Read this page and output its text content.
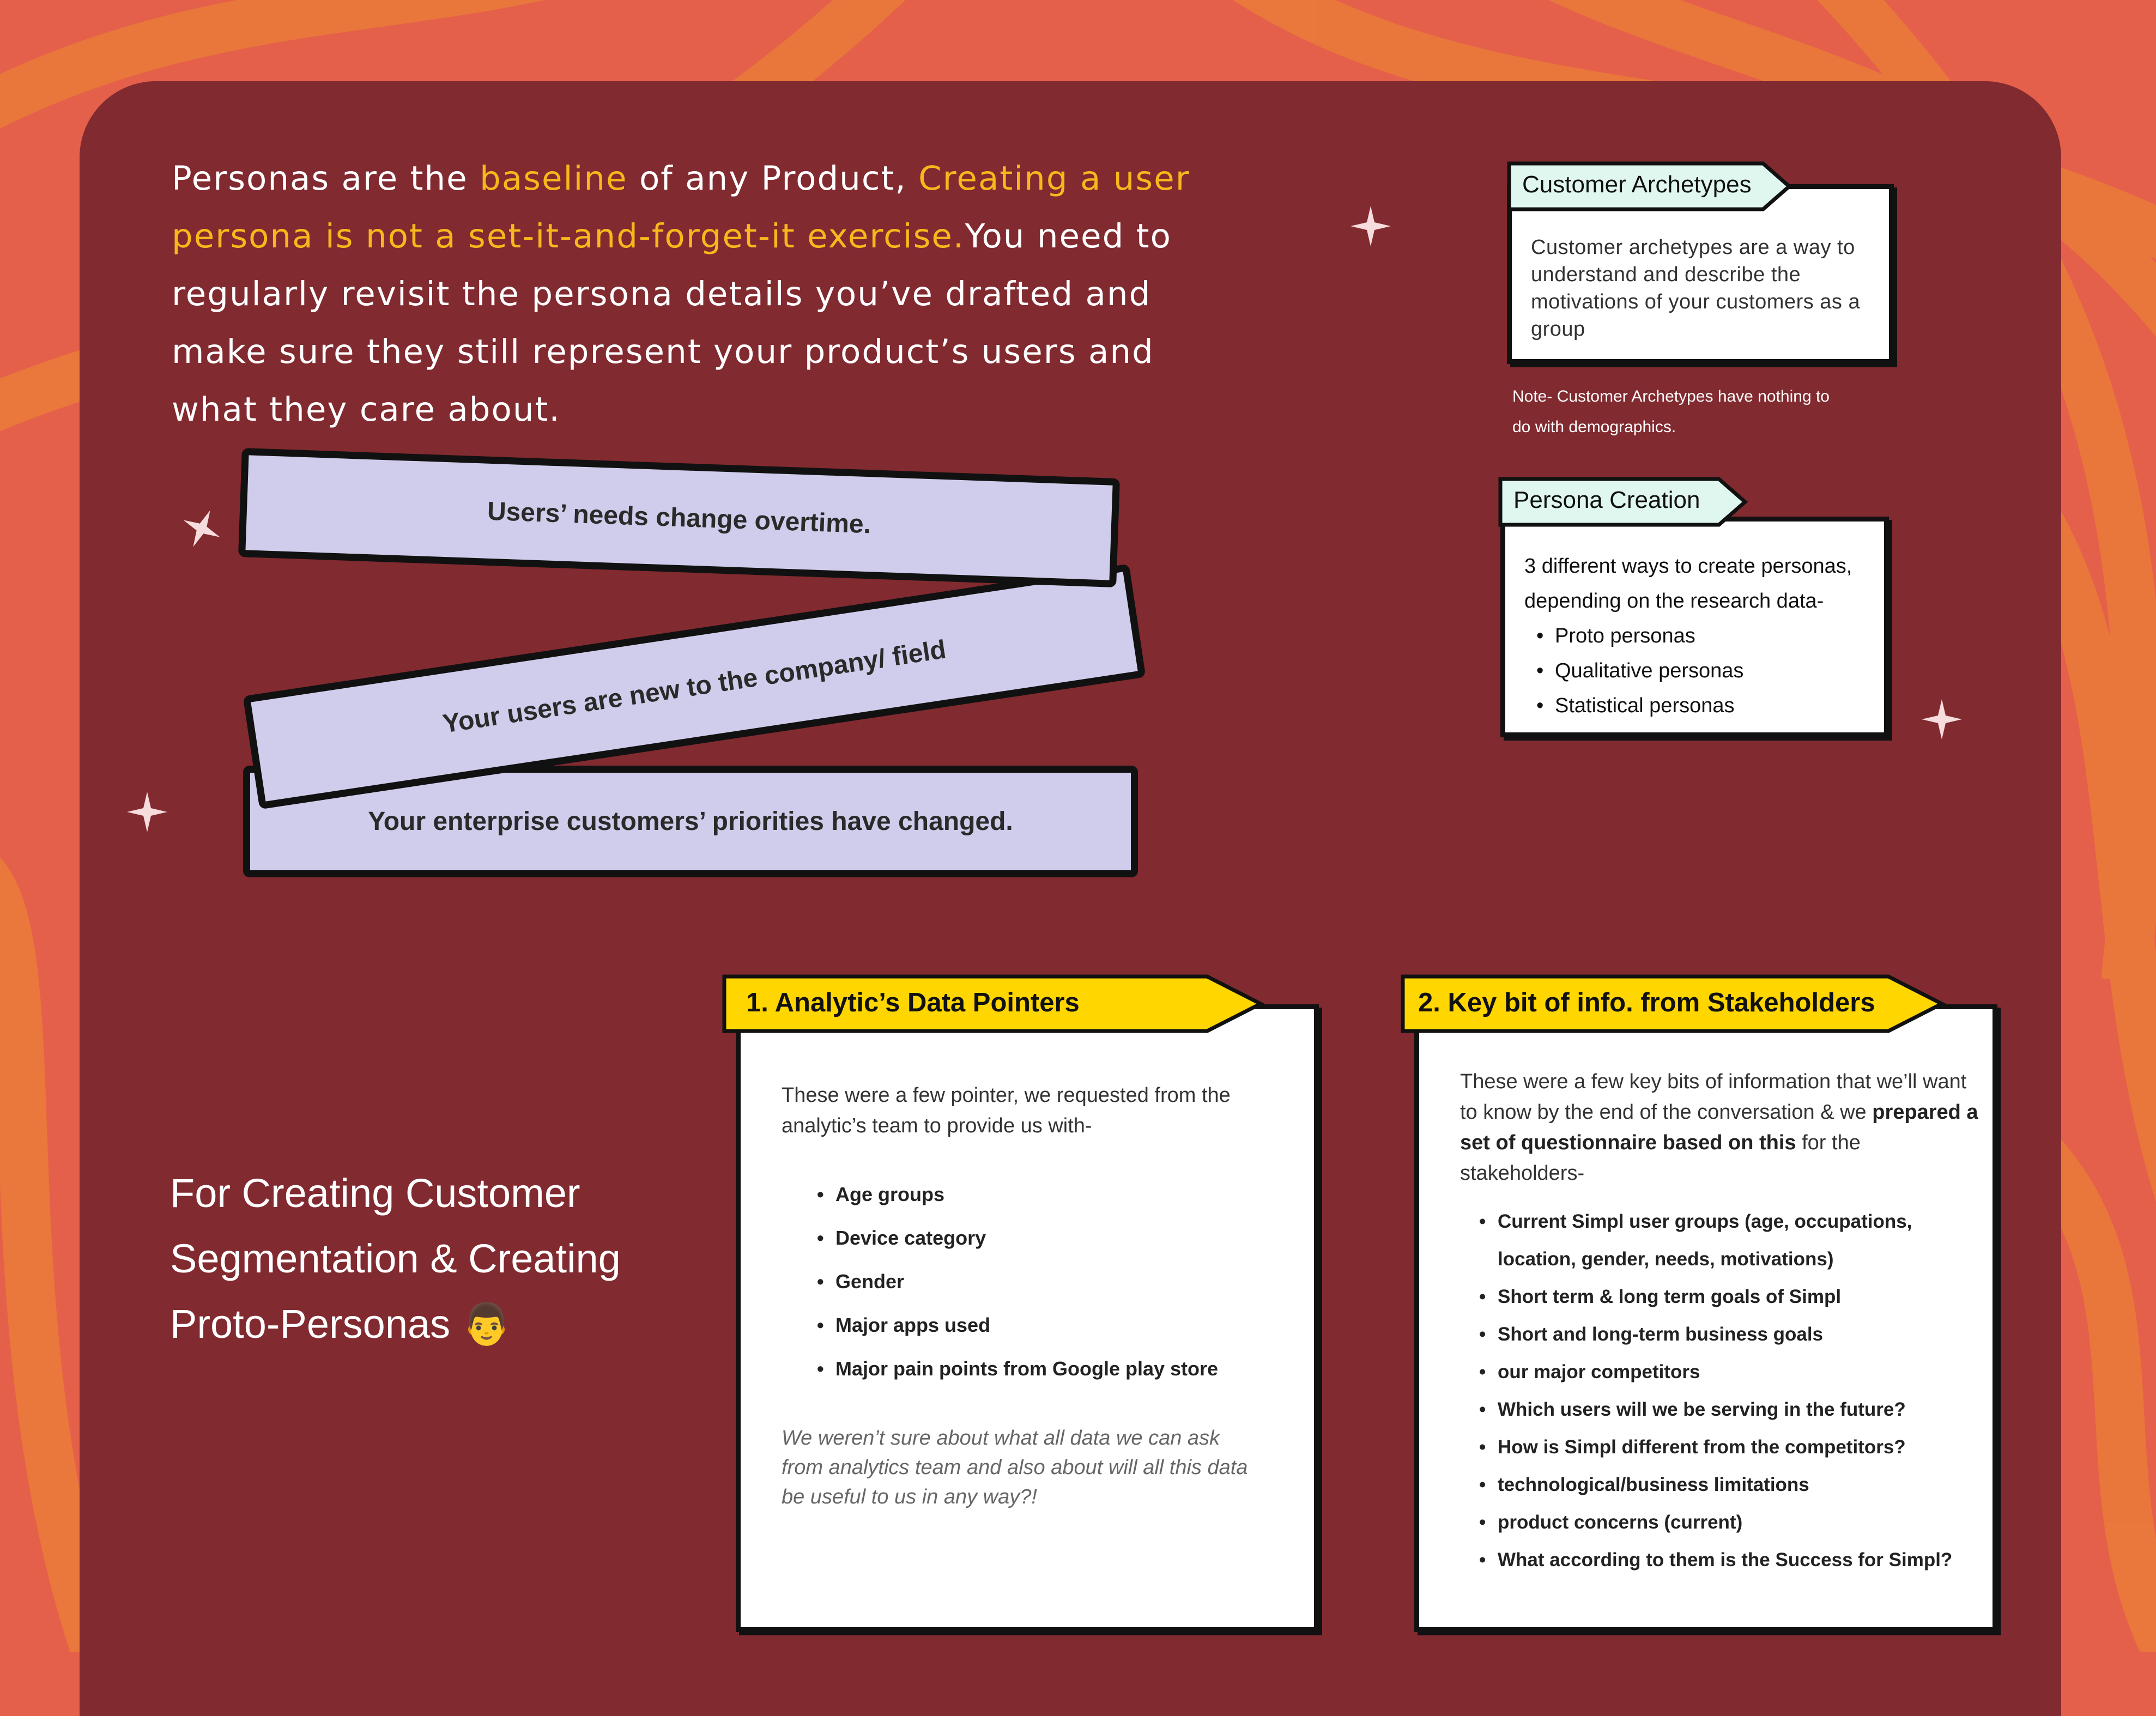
Personas are the baseline of any Product, Creating a user persona is not a set-it-and-forget-it exercise.You need to regularly revisit the persona details you’ve drafted and make sure they still represent your product’s users and what they care about.
Your enterprise customers’ priorities have changed.
Your users are new to the company/ field
Users’ needs change overtime.
Customer archetypes are a way to understand and describe the motivations of your customers as a group
Customer Archetypes
Note- Customer Archetypes have nothing to do with demographics.
3 different ways to create personas, depending on the research data-
• Proto personas
• Qualitative personas
• Statistical personas
Persona Creation
For Creating Customer Segmentation & Creating Proto-Personas 👨
These were a few pointer, we requested from the analytic’s team to provide us with-
• Age groups
• Device category
• Gender
• Major apps used
• Major pain points from Google play store
We weren’t sure about what all data we can ask from analytics team and also about will all this data be useful to us in any way?!
1. Analytic’s Data Pointers
These were a few key bits of information that we’ll want to know by the end of the conversation & we prepared a set of questionnaire based on this for the stakeholders-
• Current Simpl user groups (age, occupations, location, gender, needs, motivations)
• Short term & long term goals of Simpl
• Short and long-term business goals
• our major competitors
• Which users will we be serving in the future?
• How is Simpl different from the competitors?
• technological/business limitations
• product concerns (current)
• What according to them is the Success for Simpl?
2. Key bit of info. from Stakeholders
